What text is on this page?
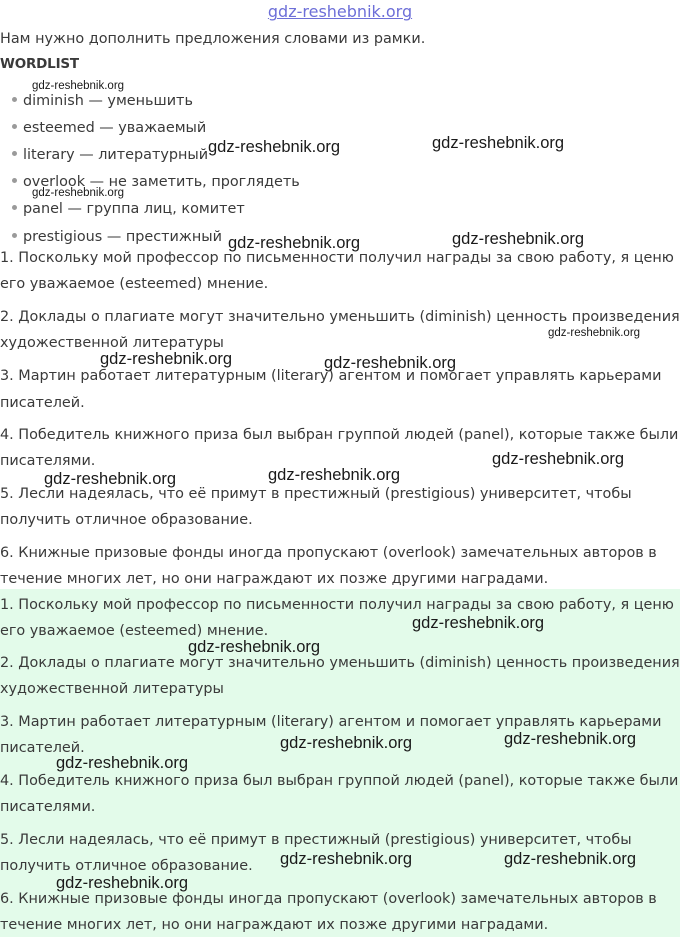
gdz-reshebnik.org

Нам нужно дополнить предложения словами из рамки.

WORDLIST

diminish — уменьшить
esteemed — уважаемый
literary — литературный
overlook — не заметить, проглядеть
panel — группа лиц, комитет
prestigious — престижный

1. Поскольку мой профессор по письменности получил награды за свою работу, я ценю

его уважаемое (esteemed) мнение.

2. Доклады о плагиате могут значительно уменьшить (diminish) ценность произведения

художественной литературы

3. Мартин работает литературным (literary) агентом и помогает управлять карьерами

писателей.

4. Победитель книжного приза был выбран группой людей (panel), которые также были

писателями.

5. Лесли надеялась, что её примут в престижный (prestigious) университет, чтобы

получить отличное образование.

6. Книжные призовые фонды иногда пропускают (overlook) замечательных авторов в

течение многих лет, но они награждают их позже другими наградами.

1. Поскольку мой профессор по письменности получил награды за свою работу, я ценю

его уважаемое (esteemed) мнение.

2. Доклады о плагиате могут значительно уменьшить (diminish) ценность произведения

художественной литературы

3. Мартин работает литературным (literary) агентом и помогает управлять карьерами

писателей.

4. Победитель книжного приза был выбран группой людей (panel), которые также были

писателями.

5. Лесли надеялась, что её примут в престижный (prestigious) университет, чтобы

получить отличное образование.

6. Книжные призовые фонды иногда пропускают (overlook) замечательных авторов в

течение многих лет, но они награждают их позже другими наградами.

gdz-reshebnik.org
gdz-reshebnik.org	gdz-reshebnik.org
gdz-reshebnik.org
gdz-reshebnik.org	gdz-reshebnik.org
gdz-reshebnik.org
gdz-reshebnik.org	gdz-reshebnik.org
gdz-reshebnik.org
gdz-reshebnik.org	gdz-reshebnik.org
gdz-reshebnik.org
gdz-reshebnik.org
gdz-reshebnik.org	gdz-reshebnik.org
gdz-reshebnik.org
gdz-reshebnik.org	gdz-reshebnik.org
gdz-reshebnik.org
